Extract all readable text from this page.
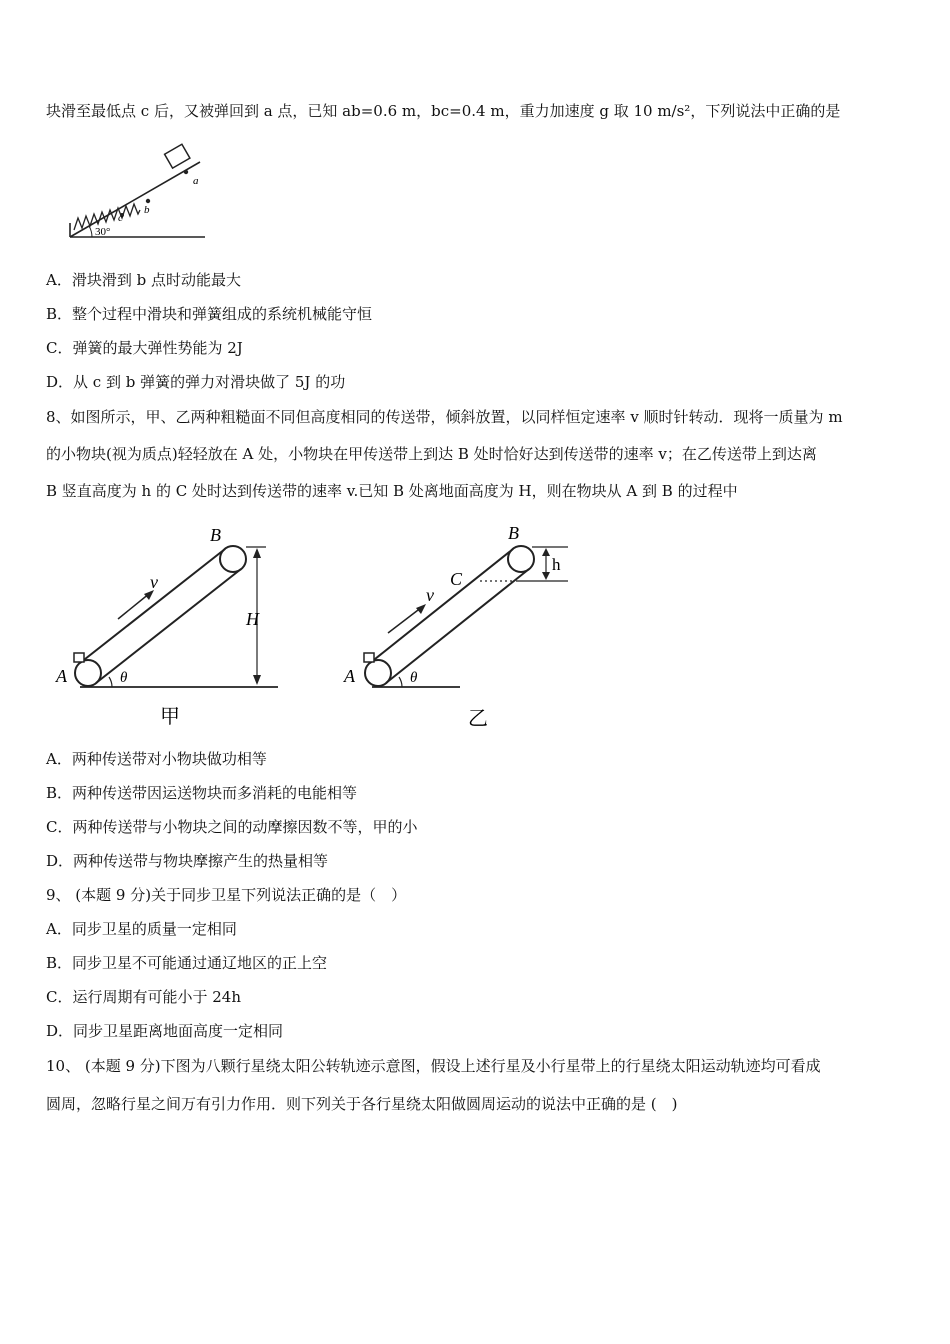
块滑至最低点 c 后，又被弹回到 a 点，已知 ab=0.6 m，bc=0.4 m，重力加速度 g 取 10 m/s²，下列说法中正确的是
a
b
c
30°
A．滑块滑到 b 点时动能最大
B．整个过程中滑块和弹簧组成的系统机械能守恒
C．弹簧的最大弹性势能为 2J
D．从 c 到 b 弹簧的弹力对滑块做了 5J 的功
8、如图所示，甲、乙两种粗糙面不同但高度相同的传送带，倾斜放置，以同样恒定速率 v 顺时针转动．现将一质量为 m
的小物块(视为质点)轻轻放在 A 处，小物块在甲传送带上到达 B 处时恰好达到传送带的速率 v；在乙传送带上到达离
B 竖直高度为 h 的 C 处时达到传送带的速率 v.已知 B 处离地面高度为 H，则在物块从 A 到 B 的过程中
v
A
B
θ
H
甲
v
A
B
C
h
θ
乙
A．两种传送带对小物块做功相等
B．两种传送带因运送物块而多消耗的电能相等
C．两种传送带与小物块之间的动摩擦因数不等，甲的小
D．两种传送带与物块摩擦产生的热量相等
9、 (本题 9 分)关于同步卫星下列说法正确的是（　）
A．同步卫星的质量一定相同
B．同步卫星不可能通过通辽地区的正上空
C．运行周期有可能小于 24h
D．同步卫星距离地面高度一定相同
10、 (本题 9 分)下图为八颗行星绕太阳公转轨迹示意图，假设上述行星及小行星带上的行星绕太阳运动轨迹均可看成
圆周，忽略行星之间万有引力作用．则下列关于各行星绕太阳做圆周运动的说法中正确的是 (　)
